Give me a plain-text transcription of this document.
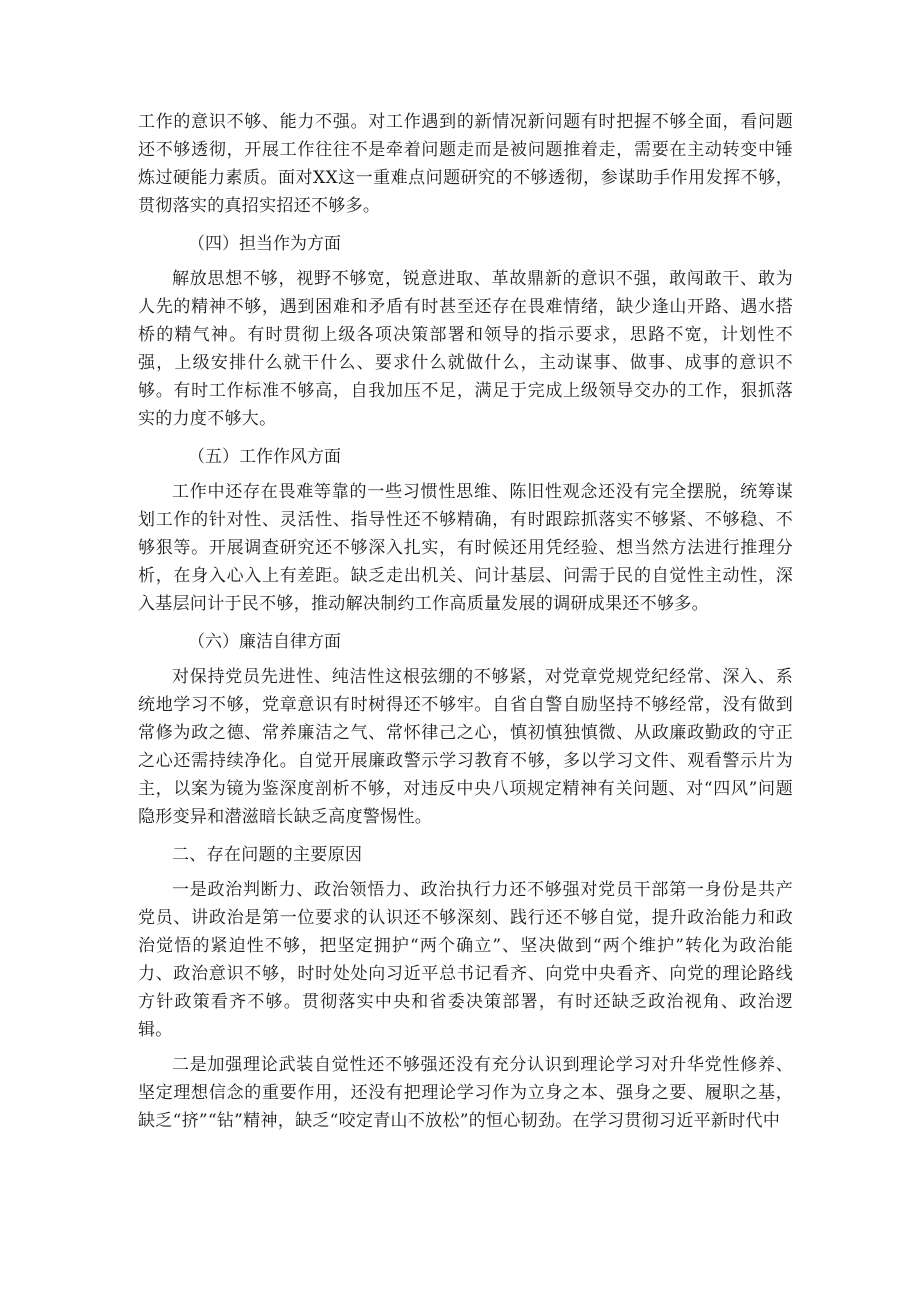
工作的意识不够、能力不强。对工作遇到的新情况新问题有时把握不够全面，看问题还不够透彻，开展工作往往不是牵着问题走而是被问题推着走，需要在主动转变中锤炼过硬能力素质。面对XX这一重难点问题研究的不够透彻，参谋助手作用发挥不够，贯彻落实的真招实招还不够多。

（四）担当作为方面

解放思想不够，视野不够宽，锐意进取、革故鼎新的意识不强，敢闯敢干、敢为人先的精神不够，遇到困难和矛盾有时甚至还存在畏难情绪，缺少逢山开路、遇水搭桥的精气神。有时贯彻上级各项决策部署和领导的指示要求，思路不宽，计划性不强，上级安排什么就干什么、要求什么就做什么，主动谋事、做事、成事的意识不够。有时工作标准不够高，自我加压不足，满足于完成上级领导交办的工作，狠抓落实的力度不够大。

（五）工作作风方面

工作中还存在畏难等靠的一些习惯性思维、陈旧性观念还没有完全摆脱，统筹谋划工作的针对性、灵活性、指导性还不够精确，有时跟踪抓落实不够紧、不够稳、不够狠等。开展调查研究还不够深入扎实，有时候还用凭经验、想当然方法进行推理分析，在身入心入上有差距。缺乏走出机关、问计基层、问需于民的自觉性主动性，深入基层问计于民不够，推动解决制约工作高质量发展的调研成果还不够多。

（六）廉洁自律方面

对保持党员先进性、纯洁性这根弦绷的不够紧，对党章党规党纪经常、深入、系统地学习不够，党章意识有时树得还不够牢。自省自警自励坚持不够经常，没有做到常修为政之德、常养廉洁之气、常怀律己之心，慎初慎独慎微、从政廉政勤政的守正之心还需持续净化。自觉开展廉政警示学习教育不够，多以学习文件、观看警示片为主，以案为镜为鉴深度剖析不够，对违反中央八项规定精神有关问题、对“四风”问题隐形变异和潜滋暗长缺乏高度警惕性。

二、存在问题的主要原因

一是政治判断力、政治领悟力、政治执行力还不够强对党员干部第一身份是共产党员、讲政治是第一位要求的认识还不够深刻、践行还不够自觉，提升政治能力和政治觉悟的紧迫性不够，把坚定拥护“两个确立”、坚决做到“两个维护”转化为政治能力、政治意识不够，时时处处向习近平总书记看齐、向党中央看齐、向党的理论路线方针政策看齐不够。贯彻落实中央和省委决策部署，有时还缺乏政治视角、政治逻辑。

二是加强理论武装自觉性还不够强还没有充分认识到理论学习对升华党性修养、坚定理想信念的重要作用，还没有把理论学习作为立身之本、强身之要、履职之基，缺乏“挤”“钻”精神，缺乏“咬定青山不放松”的恒心韧劲。在学习贯彻习近平新时代中
